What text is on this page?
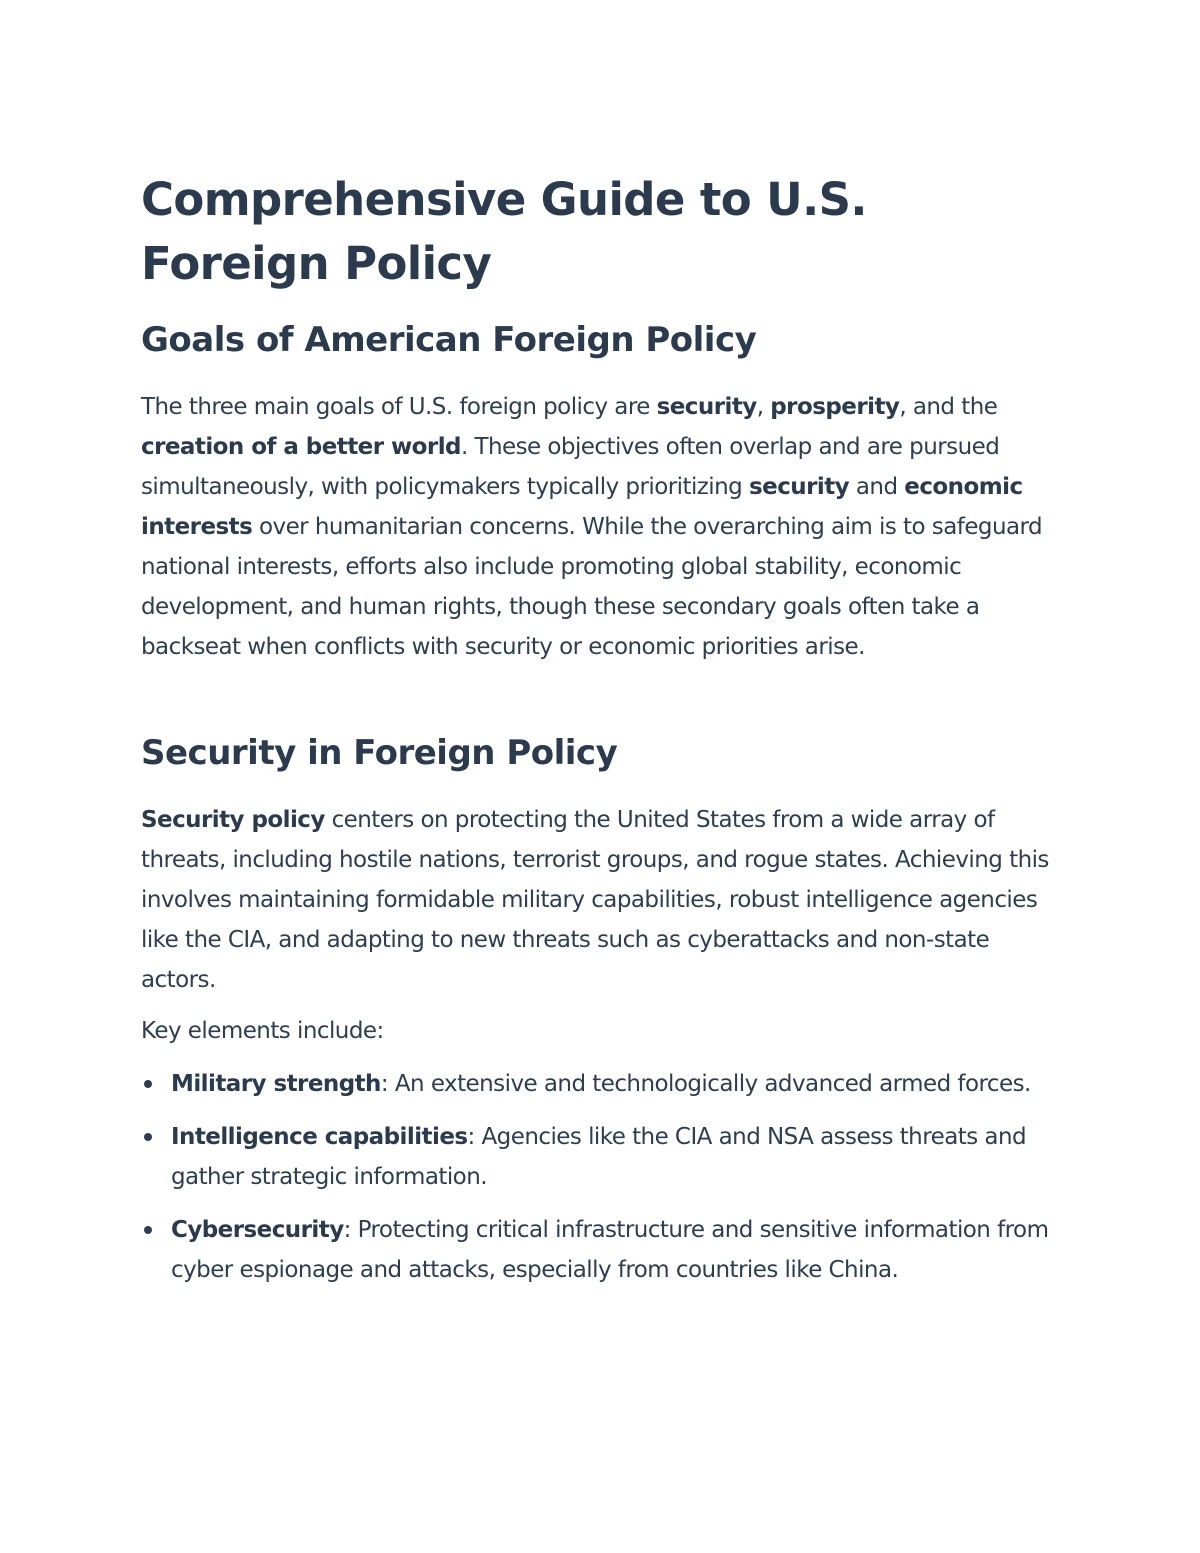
Comprehensive Guide to U.S. Foreign Policy
Goals of American Foreign Policy

The three main goals of U.S. foreign policy are security, prosperity, and the creation of a better world. These objectives often overlap and are pursued simultaneously, with policymakers typically prioritizing security and economic interests over humanitarian concerns. While the overarching aim is to safeguard national interests, efforts also include promoting global stability, economic development, and human rights, though these secondary goals often take a backseat when conflicts with security or economic priorities arise.

Security in Foreign Policy

Security policy centers on protecting the United States from a wide array of threats, including hostile nations, terrorist groups, and rogue states. Achieving this involves maintaining formidable military capabilities, robust intelligence agencies like the CIA, and adapting to new threats such as cyberattacks and non-state actors.

Key elements include:

Military strength: An extensive and technologically advanced armed forces.
Intelligence capabilities: Agencies like the CIA and NSA assess threats and gather strategic information.
Cybersecurity: Protecting critical infrastructure and sensitive information from cyber espionage and attacks, especially from countries like China.
